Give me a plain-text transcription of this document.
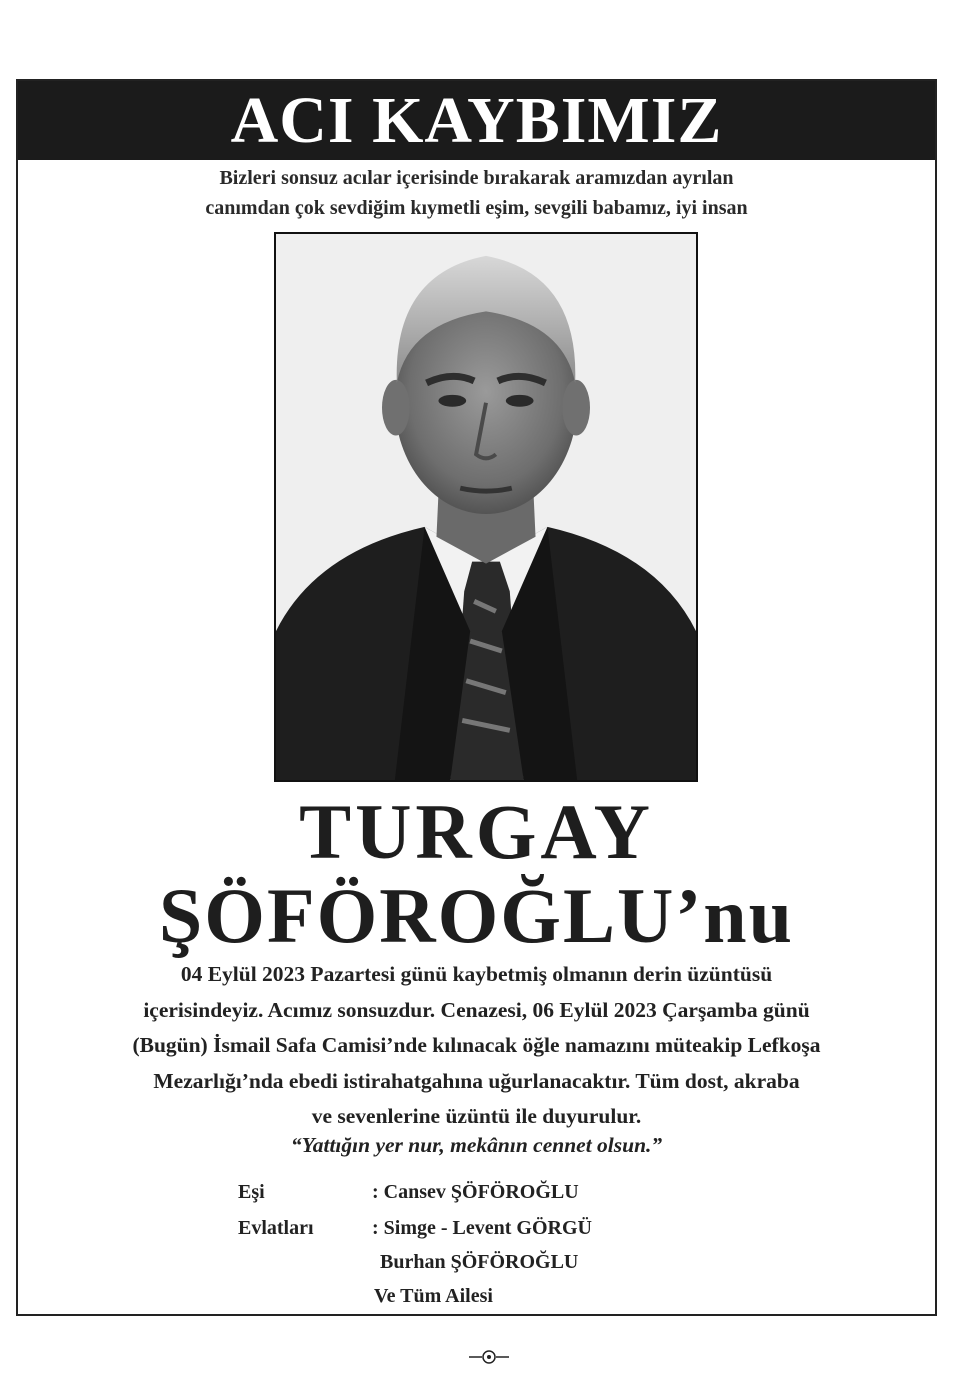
ACI KAYBIMIZ
Bizleri sonsuz acılar içerisinde bırakarak aramızdan ayrılan
canımdan çok sevdiğim kıymetli eşim, sevgili babamız, iyi insan
TURGAY
ŞÖFÖROĞLU’nu
04 Eylül 2023 Pazartesi günü kaybetmiş olmanın derin üzüntüsü
içerisindeyiz. Acımız sonsuzdur. Cenazesi, 06 Eylül 2023 Çarşamba günü
(Bugün) İsmail Safa Camisi’nde kılınacak öğle namazını müteakip Lefkoşa
Mezarlığı’nda ebedi istirahatgahına uğurlanacaktır. Tüm dost, akraba
ve sevenlerine üzüntü ile duyurulur.
“Yattığın yer nur, mekânın cennet olsun.”
Eşi	: Cansev ŞÖFÖROĞLU
Evlatları	: Simge - Levent GÖRGÜ
Burhan ŞÖFÖROĞLU
Ve Tüm Ailesi
